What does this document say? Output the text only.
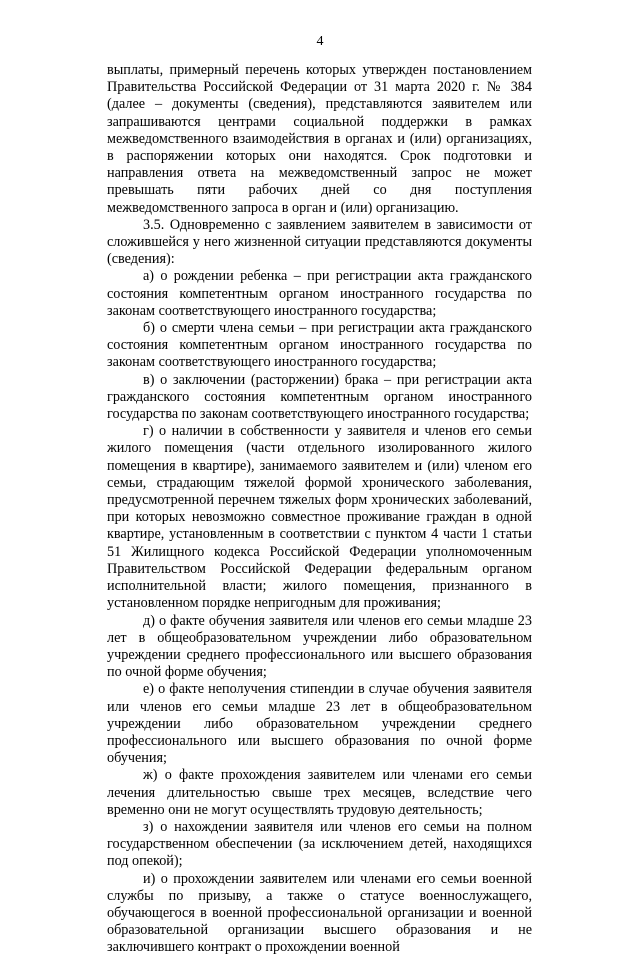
4

выплаты, примерный перечень которых утвержден постановлением Правительства Российской Федерации от 31 марта 2020 г. № 384 (далее – документы (сведения), представляются заявителем или запрашиваются центрами социальной поддержки в рамках межведомственного взаимодействия в органах и (или) организациях, в распоряжении которых они находятся. Срок подготовки и направления ответа на межведомственный запрос не может превышать пяти рабочих дней со дня поступления межведомственного запроса в орган и (или) организацию.

3.5. Одновременно с заявлением заявителем в зависимости от сложившейся у него жизненной ситуации представляются документы (сведения):

а) о рождении ребенка – при регистрации акта гражданского состояния компетентным органом иностранного государства по законам соответствующего иностранного государства;

б) о смерти члена семьи – при регистрации акта гражданского состояния компетентным органом иностранного государства по законам соответствующего иностранного государства;

в) о заключении (расторжении) брака – при регистрации акта гражданского состояния компетентным органом иностранного государства по законам соответствующего иностранного государства;

г) о наличии в собственности у заявителя и членов его семьи жилого помещения (части отдельного изолированного жилого помещения в квартире), занимаемого заявителем и (или) членом его семьи, страдающим тяжелой формой хронического заболевания, предусмотренной перечнем тяжелых форм хронических заболеваний, при которых невозможно совместное проживание граждан в одной квартире, установленным в соответствии с пунктом 4 части 1 статьи 51 Жилищного кодекса Российской Федерации уполномоченным Правительством Российской Федерации федеральным органом исполнительной власти; жилого помещения, признанного в установленном порядке непригодным для проживания;

д) о факте обучения заявителя или членов его семьи младше 23 лет в общеобразовательном учреждении либо образовательном учреждении среднего профессионального или высшего образования по очной форме обучения;

е) о факте неполучения стипендии в случае обучения заявителя или членов его семьи младше 23 лет в общеобразовательном учреждении либо образовательном учреждении среднего профессионального или высшего образования по очной форме обучения;

ж) о факте прохождения заявителем или членами его семьи лечения длительностью свыше трех месяцев, вследствие чего временно они не могут осуществлять трудовую деятельность;

з) о нахождении заявителя или членов его семьи на полном государственном обеспечении (за исключением детей, находящихся под опекой);

и) о прохождении заявителем или членами его семьи военной службы по призыву, а также о статусе военнослужащего, обучающегося в военной профессиональной организации и военной образовательной организации высшего образования и не заключившего контракт о прохождении военной
